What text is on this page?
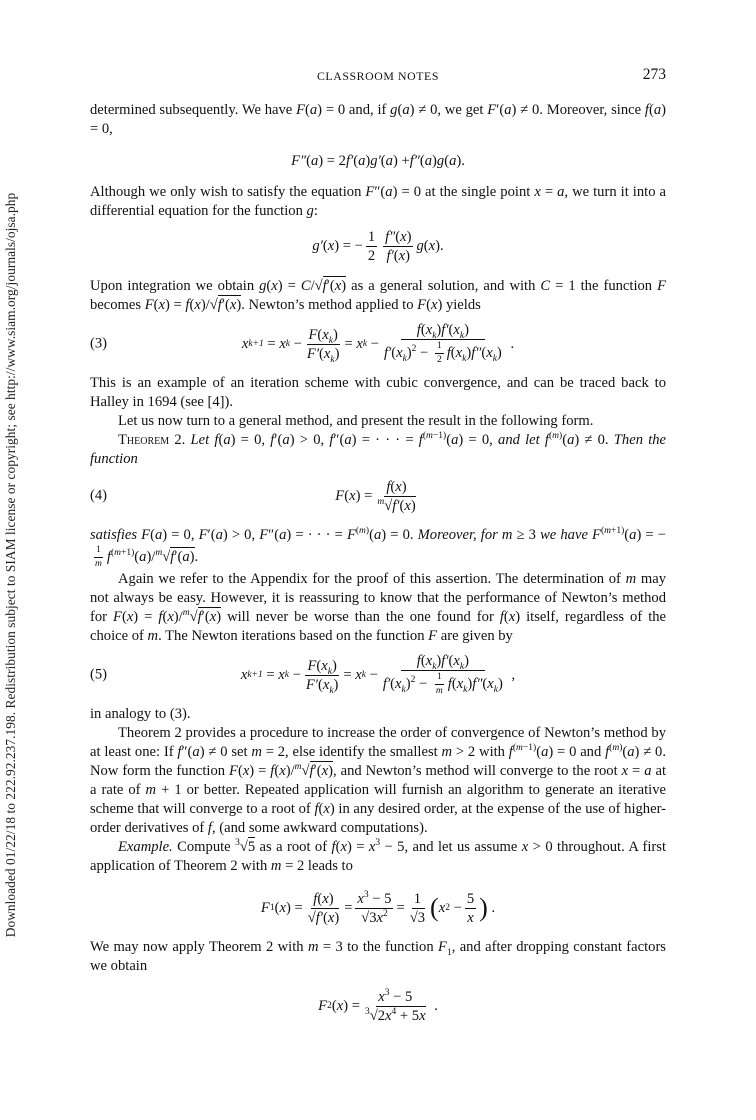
Downloaded 01/22/18 to 222.92.237.198. Redistribution subject to SIAM license or copyright; see http://www.siam.org/journals/ojsa.php
CLASSROOM NOTES	273

determined subsequently. We have F(a) = 0 and, if g(a) ≠ 0, we get F′(a) ≠ 0. Moreover, since f(a) = 0,

F″ ( a ) = 2 f′ ( a ) g′ ( a ) + f″ ( a ) g ( a ).

Although we only wish to satisfy the equation F″(a) = 0 at the single point x = a, we turn it into a differential equation for the function g:

g′ ( x ) = − $\frac{1}{2} \frac{f''(x)}{f'(x)}$ g ( x ).

Upon integration we obtain g(x) = C/√f′(x) as a general solution, and with C = 1 the function F becomes F(x) = f(x)/√f′(x). Newton’s method applied to F(x) yields

(3)	x k+1 = x $k - \frac{F(x_k)}{F'(x_k)} = x$ $k - \frac{f(x_k)f'(x_k)}{f'(x_k)^2 - \frac{1}{2} f(x_k)f''(x_k)}$ .

This is an example of an iteration scheme with cubic convergence, and can be traced back to Halley in 1694 (see [4]).

Let us now turn to a general method, and present the result in the following form.

Theorem 2. Let f(a) = 0, f′(a) > 0, f″(a) = · · · = $f^{(m-1)}(a) = 0$, and let $f^{(m)}(a) \ne 0$. Then the function

(4)	F ( x ) = $\frac{f(x)}{^m√f'(x)}$

satisfies F(a) = 0, F′(a) > 0, F″(a) = · · · = $F^{(m)}(a) = 0$. Moreover, for m ≥ 3 we have $F^{(m+1)}(a)$ = −
$\frac{1}{m} f^{(m+1)}(a)/^m√f'(a)$.

Again we refer to the Appendix for the proof of this assertion. The determination of m may not always be easy. However, it is reassuring to know that the performance of Newton’s method for F(x) = f(x)/$^m$√f′(x) will never be worse than the one found for f(x) itself, regardless of the choice of m. The Newton iterations based on the function F are given by

(5)	x k+1 = x $k - \frac{F(x_k)}{F'(x_k)} = x$ $k - \frac{f(x_k)f'(x_k)}{f'(x_k)^2 - \frac{1}{m} f(x_k)f''(x_k)}$ ,

in analogy to (3).

Theorem 2 provides a procedure to increase the order of convergence of Newton’s method by at least one: If f″(a) ≠ 0 set m = 2, else identify the smallest m > 2 with $f^{(m-1)}(a) = 0$ and $f^{(m)}(a) \ne 0$. Now form the function F(x) = f(x)/$^m$√f′(x), and Newton’s method will converge to the root x = a at a rate of m + 1 or better. Repeated application will furnish an algorithm to generate an iterative scheme that will converge to a root of f(x) in any desired order, at the expense of the use of higher-order derivatives of f, (and some awkward computations).

Example. Compute $^3$√5 as a root of $f(x) = x^3 - 5$, and let us assume x > 0 throughout. A first application of Theorem 2 with m = 2 leads to

F 1 ( x ) = $\frac{f(x)}{√f'(x)} = \frac{x^3 - 5}{√3x^2} = \frac{1}{√3}$ ( x $2 - \frac{5}{x}$ ) .

We may now apply Theorem 2 with m = 3 to the function $F_1$, and after dropping constant factors we obtain

F 2 ( x ) = $\frac{x^3 - 5}{^3√2x^4 + 5x}$ .
